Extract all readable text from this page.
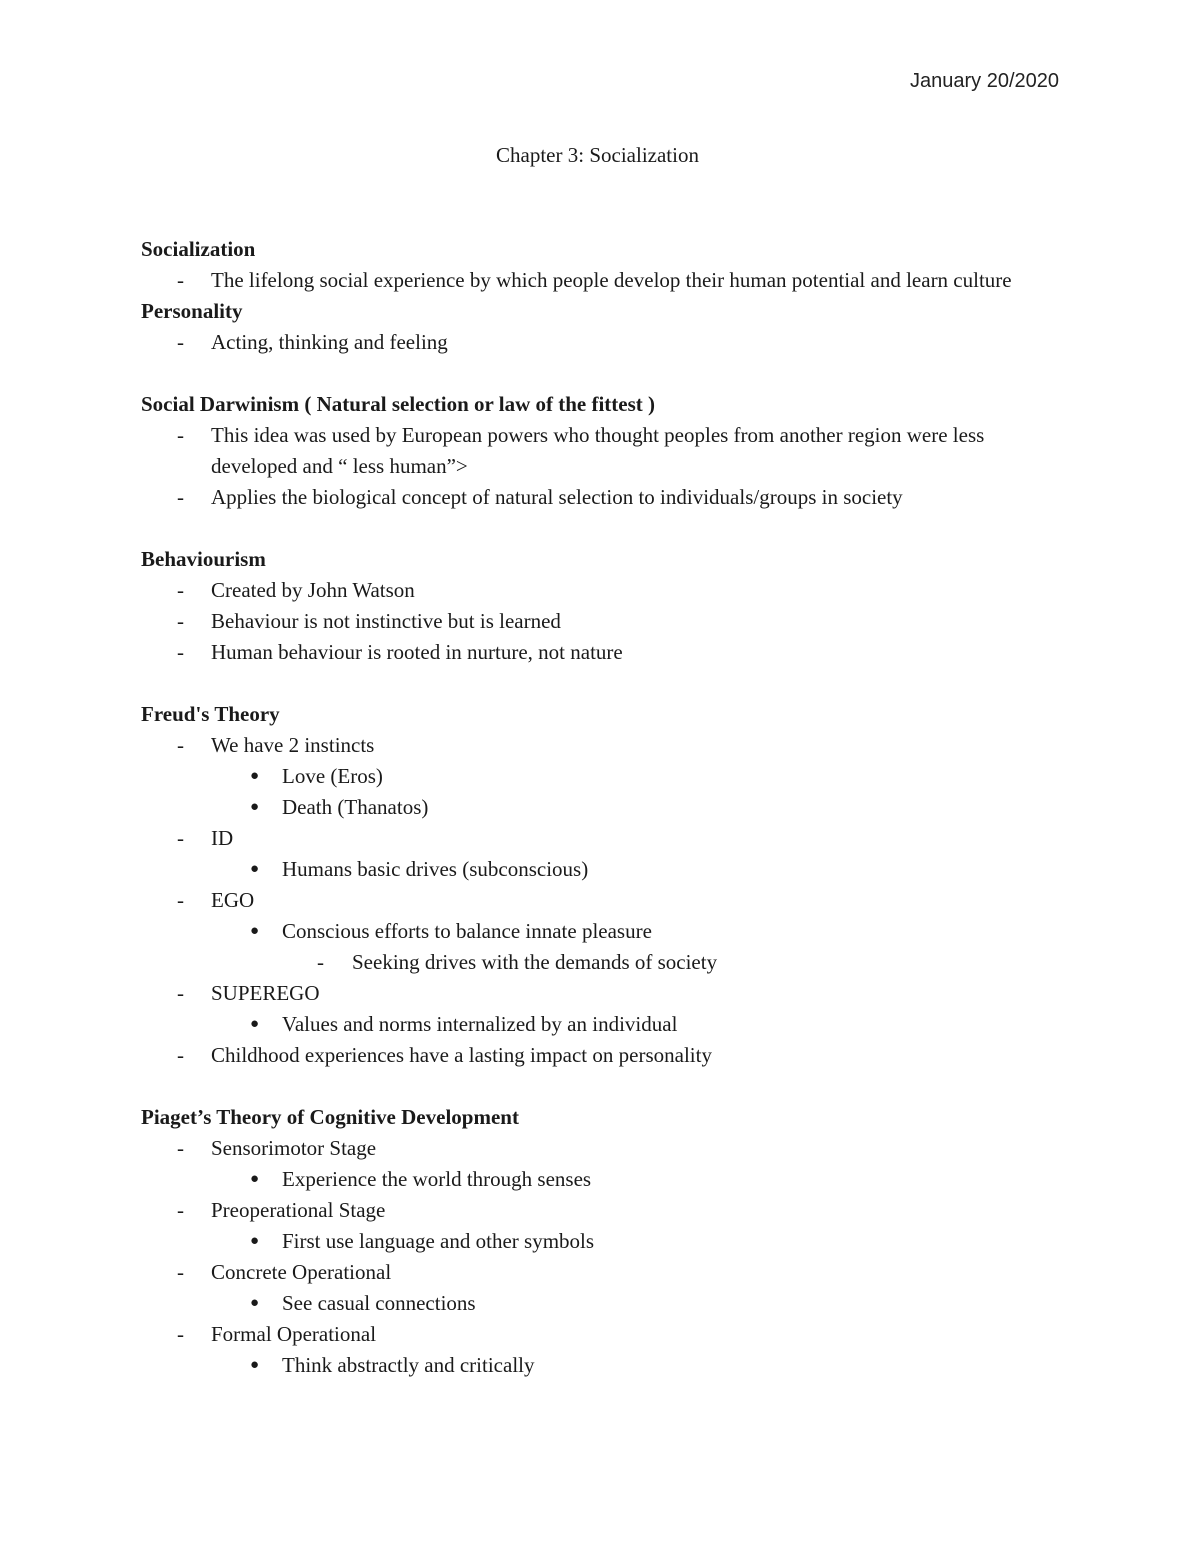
January 20/2020
Chapter 3: Socialization
Socialization
- The lifelong social experience by which people develop their human potential and learn culture
Personality
- Acting, thinking and feeling
Social Darwinism ( Natural selection or law of the fittest )
- This idea was used by European powers who thought peoples from another region were less developed and “ less human”>
- Applies the biological concept of natural selection to individuals/groups in society
Behaviourism
- Created by John Watson
- Behaviour is not instinctive but is learned
- Human behaviour is rooted in nurture, not nature
Freud's Theory
- We have 2 instincts
● Love (Eros)
● Death (Thanatos)
- ID
● Humans basic drives (subconscious)
- EGO
● Conscious efforts to balance innate pleasure
- Seeking drives with the demands of society
- SUPEREGO
● Values and norms internalized by an individual
- Childhood experiences have a lasting impact on personality
Piaget’s Theory of Cognitive Development
- Sensorimotor Stage
● Experience the world through senses
- Preoperational Stage
● First use language and other symbols
- Concrete Operational
● See casual connections
- Formal Operational
● Think abstractly and critically
